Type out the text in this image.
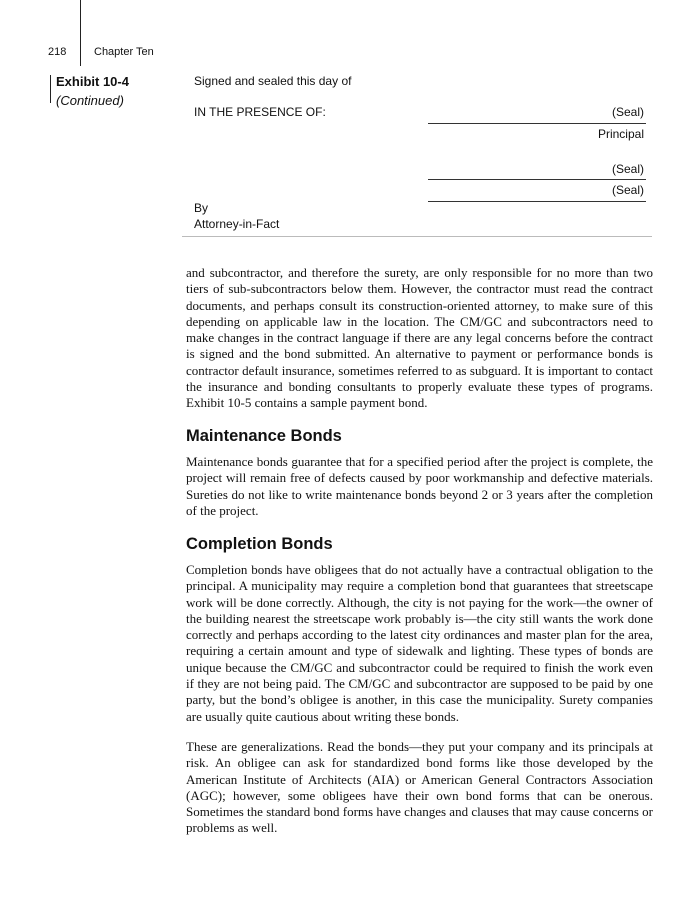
218	Chapter Ten
Exhibit 10-4
(Continued)
Signed and sealed this day of
IN THE PRESENCE OF:	(Seal)
Principal
(Seal)
(Seal)
By
Attorney-in-Fact

and subcontractor, and therefore the surety, are only responsible for no more than two tiers of sub-subcontractors below them. However, the contractor must read the contract documents, and perhaps consult its construction-oriented attorney, to make sure of this depending on applicable law in the location. The CM/GC and subcontractors need to make changes in the contract language if there are any legal concerns before the contract is signed and the bond submitted. An alternative to payment or performance bonds is contractor default insurance, sometimes referred to as subguard. It is important to contact the insurance and bonding consultants to properly evaluate these types of programs. Exhibit 10-5 contains a sample payment bond.

Maintenance Bonds

Maintenance bonds guarantee that for a specified period after the project is complete, the project will remain free of defects caused by poor workmanship and defective materials. Sureties do not like to write maintenance bonds beyond 2 or 3 years after the completion of the project.

Completion Bonds

Completion bonds have obligees that do not actually have a contractual obligation to the principal. A municipality may require a completion bond that guarantees that streetscape work will be done correctly. Although, the city is not paying for the work—the owner of the building nearest the streetscape work probably is—the city still wants the work done correctly and perhaps according to the latest city ordinances and master plan for the area, requiring a certain amount and type of sidewalk and lighting. These types of bonds are unique because the CM/GC and subcontractor could be required to finish the work even if they are not being paid. The CM/GC and subcontractor are supposed to be paid by one party, but the bond’s obligee is another, in this case the municipality. Surety companies are usually quite cautious about writing these bonds.

These are generalizations. Read the bonds—they put your company and its principals at risk. An obligee can ask for standardized bond forms like those developed by the American Institute of Architects (AIA) or American General Contractors Association (AGC); however, some obligees have their own bond forms that can be onerous. Sometimes the standard bond forms have changes and clauses that may cause concerns or problems as well.
